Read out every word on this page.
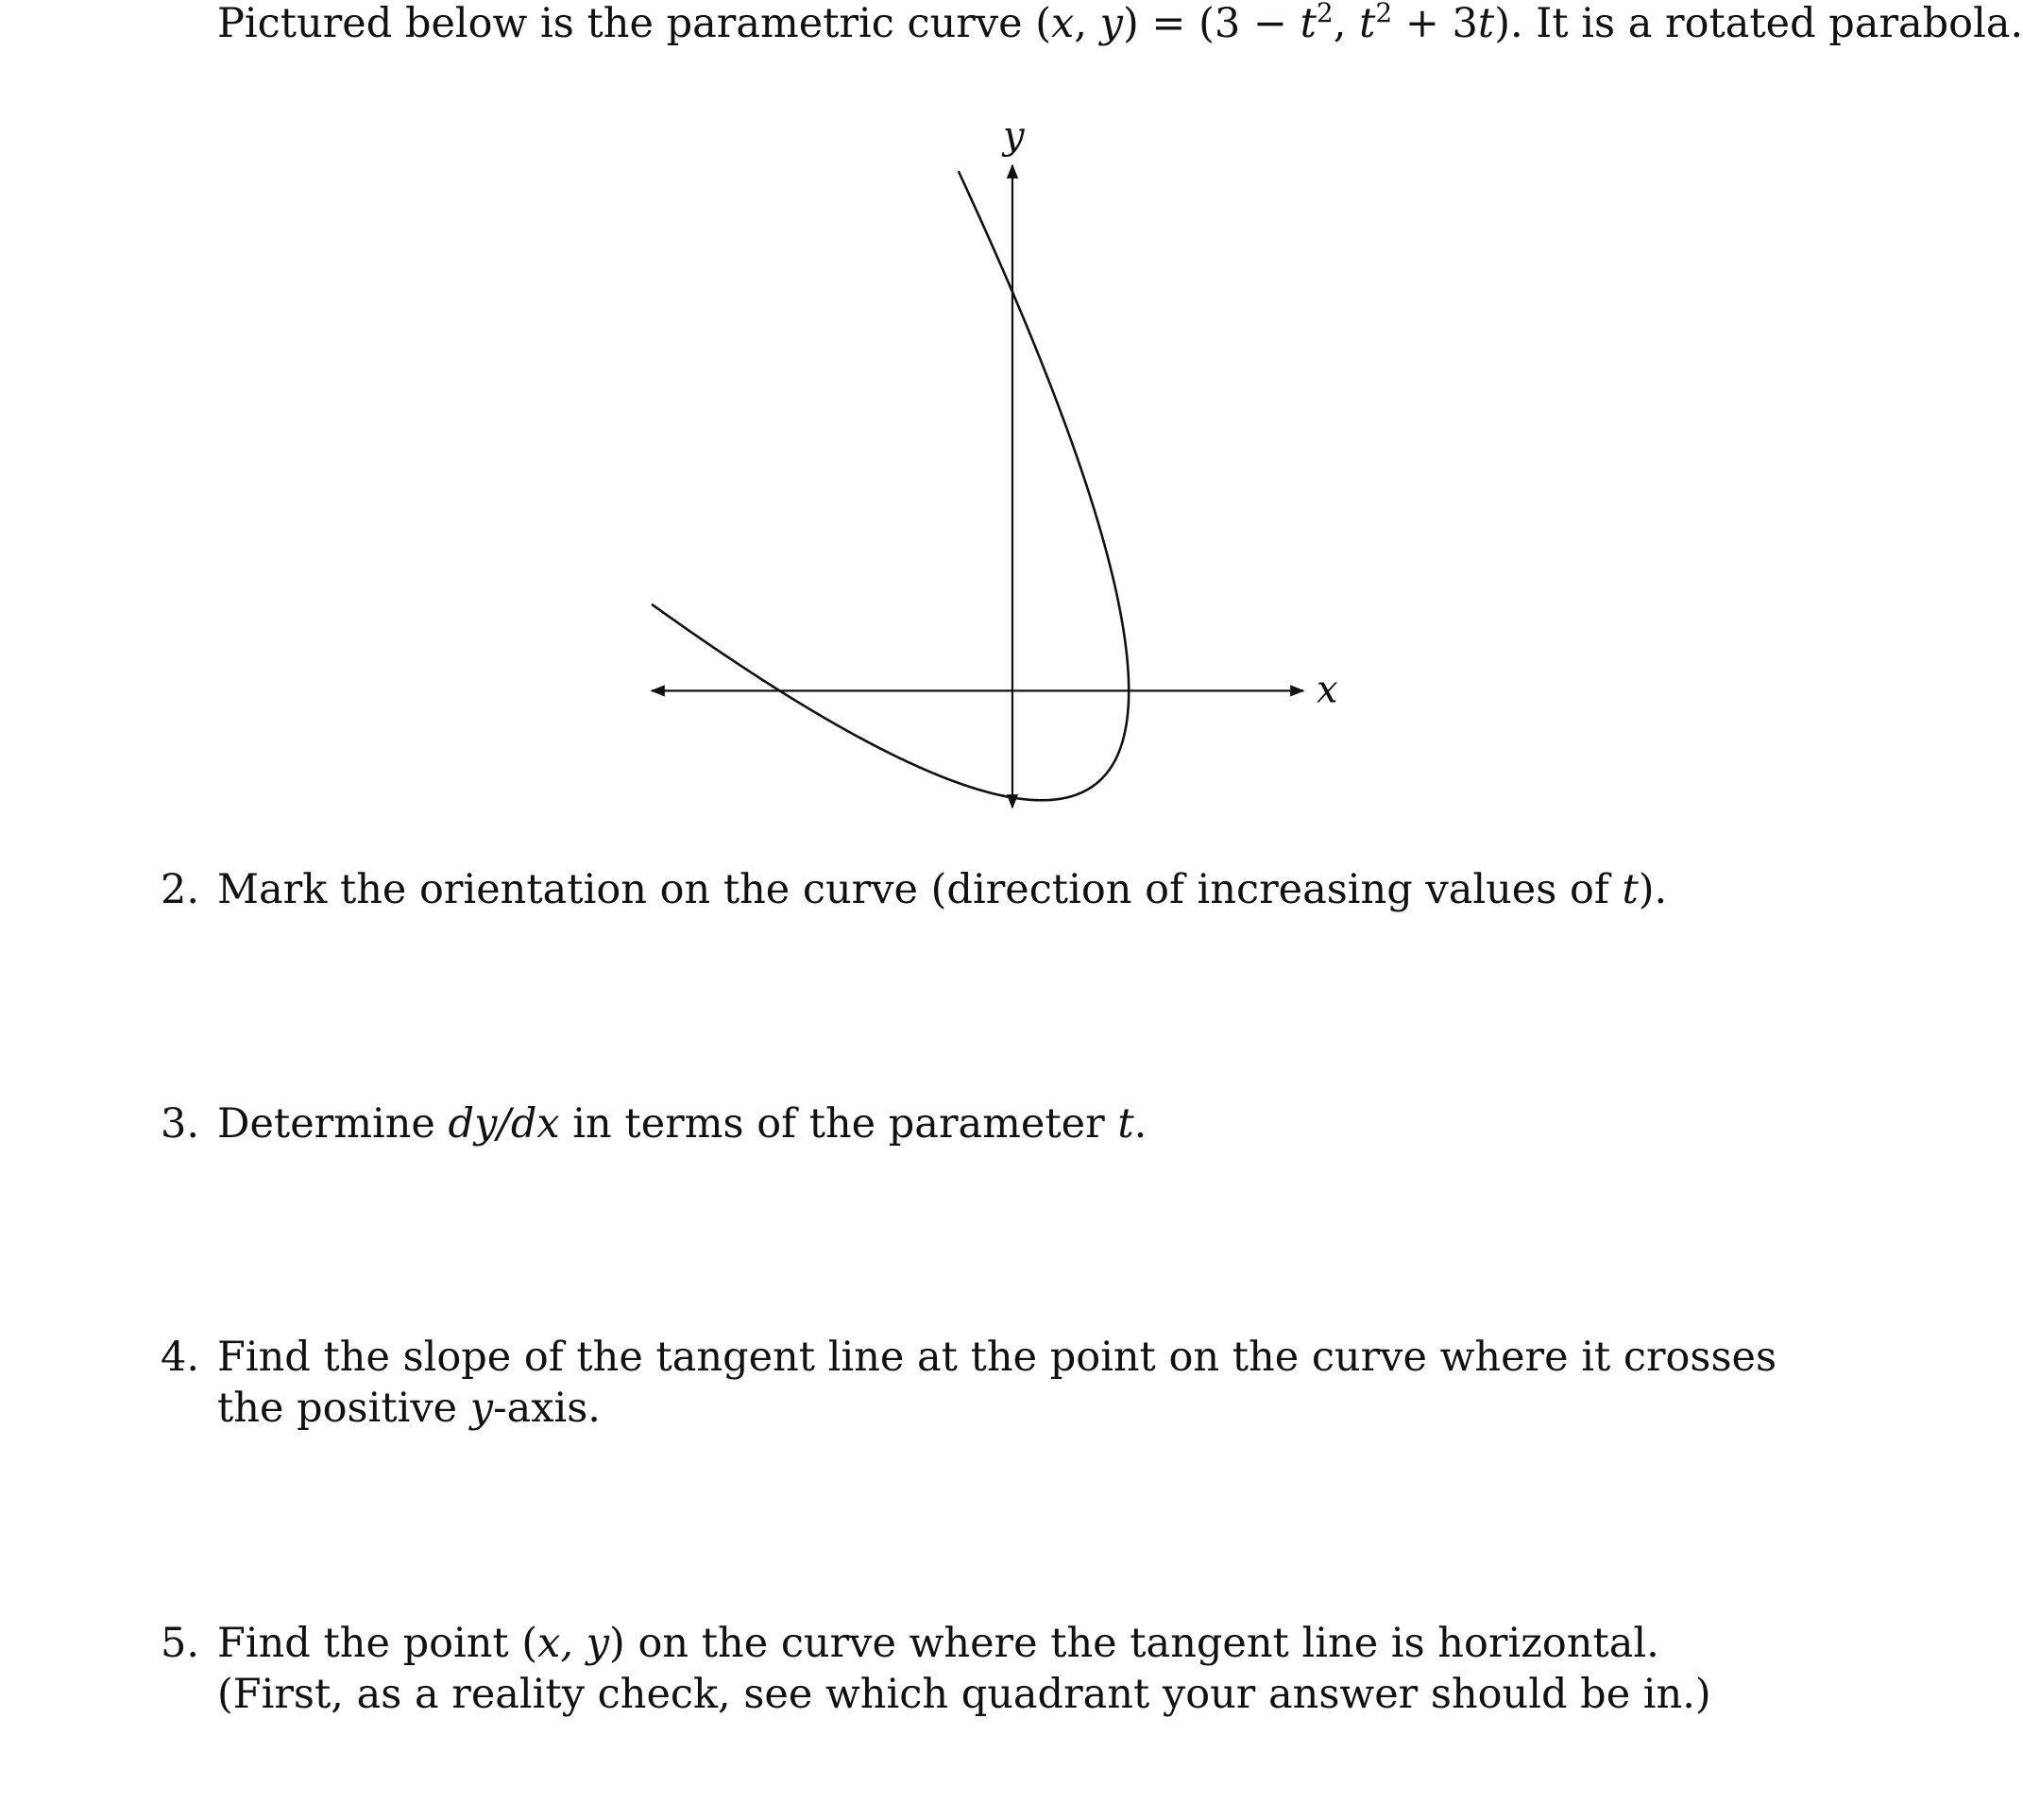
Pictured below is the parametric curve (x, $y) = (3 - t^2$, $t^2 + 3t$). It is a rotated parabola.
x
y
2. Mark the orientation on the curve (direction of increasing values of t).
3. Determine dy/dx in terms of the parameter t.
4. Find the slope of the tangent line at the point on the curve where it crosses the positive y-axis.
5. Find the point (x, y) on the curve where the tangent line is horizontal. (First, as a reality check, see which quadrant your answer should be in.)
